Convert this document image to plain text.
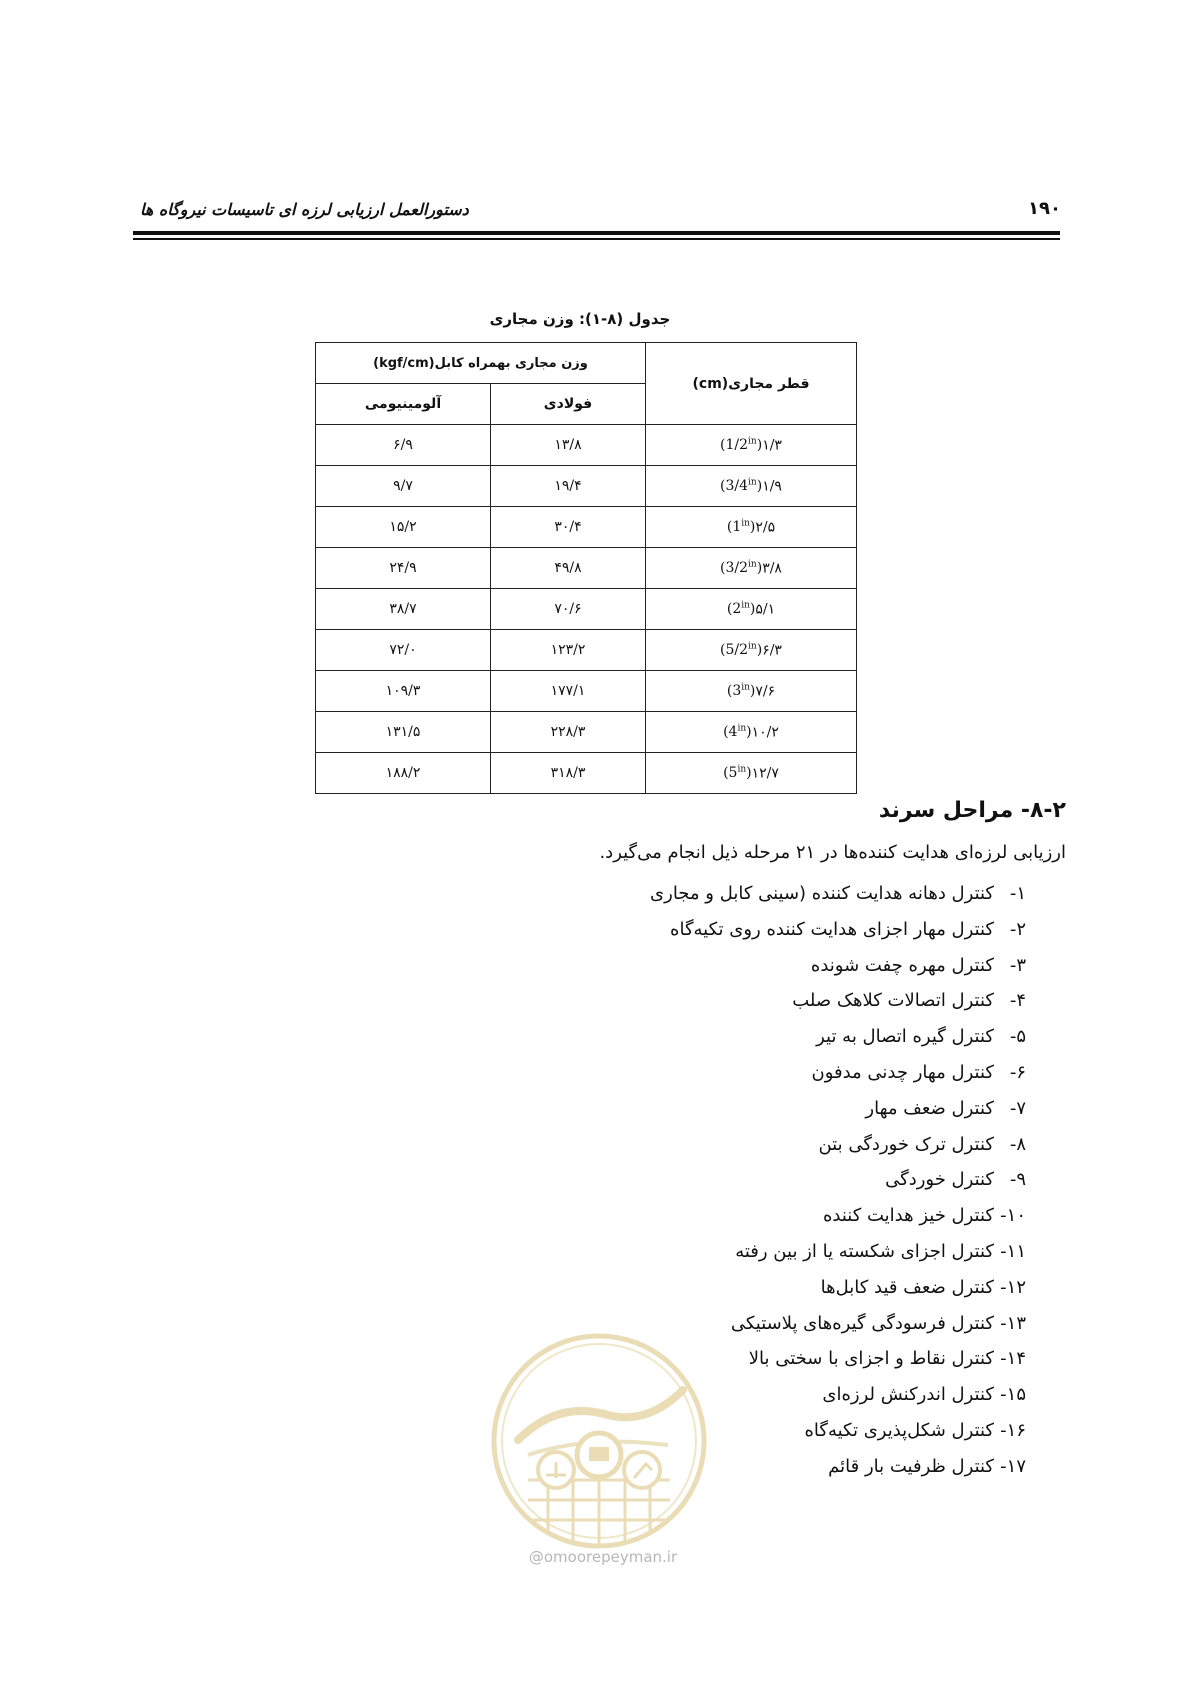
دستورالعمل ارزیابی لرزه ای تاسیسات نیروگاه ها	۱۹۰
جدول (۸-۱): وزن مجاری
قطر مجاری(cm)	وزن مجاری بهمراه کابل(kgf/cm)	
	فولادی	آلومینیومی
$(1/2^{in})۱/۳$	۱۳/۸	۶/۹
$(3/4^{in})۱/۹$	۱۹/۴	۹/۷
$(1^{in})۲/۵$	۳۰/۴	۱۵/۲
$(3/2^{in})۳/۸$	۴۹/۸	۲۴/۹
$(2^{in})۵/۱$	۷۰/۶	۳۸/۷
$(5/2^{in})۶/۳$	۱۲۳/۲	۷۲/۰
$(3^{in})۷/۶$	۱۷۷/۱	۱۰۹/۳
$(4^{in})۱۰/۲$	۲۲۸/۳	۱۳۱/۵
$(5^{in})۱۲/۷$	۳۱۸/۳	۱۸۸/۲
۸-۲- مراحل سرند
ارزیابی لرزه‌ای هدایت کننده‌ها در ۲۱ مرحله ذیل انجام می‌گیرد.
۱-کنترل دهانه هدایت کننده (سینی کابل و مجاری
۲-کنترل مهار اجزای هدایت کننده روی تکیه‌گاه
۳-کنترل مهره چفت شونده
۴-کنترل اتصالات کلاهک صلب
۵-کنترل گیره اتصال به تیر
۶-کنترل مهار چدنی مدفون
۷-کنترل ضعف مهار
۸-کنترل ترک خوردگی بتن
۹-کنترل خوردگی
۱۰-کنترل خیز هدایت کننده
۱۱-کنترل اجزای شکسته یا از بین رفته
۱۲-کنترل ضعف قید کابل‌ها
۱۳-کنترل فرسودگی گیره‌های پلاستیکی
۱۴-کنترل نقاط و اجزای با سختی بالا
۱۵-کنترل اندرکنش لرزه‌ای
۱۶-کنترل شکل‌پذیری تکیه‌گاه
۱۷-کنترل ظرفیت بار قائم
@omoorepeyman.ir
